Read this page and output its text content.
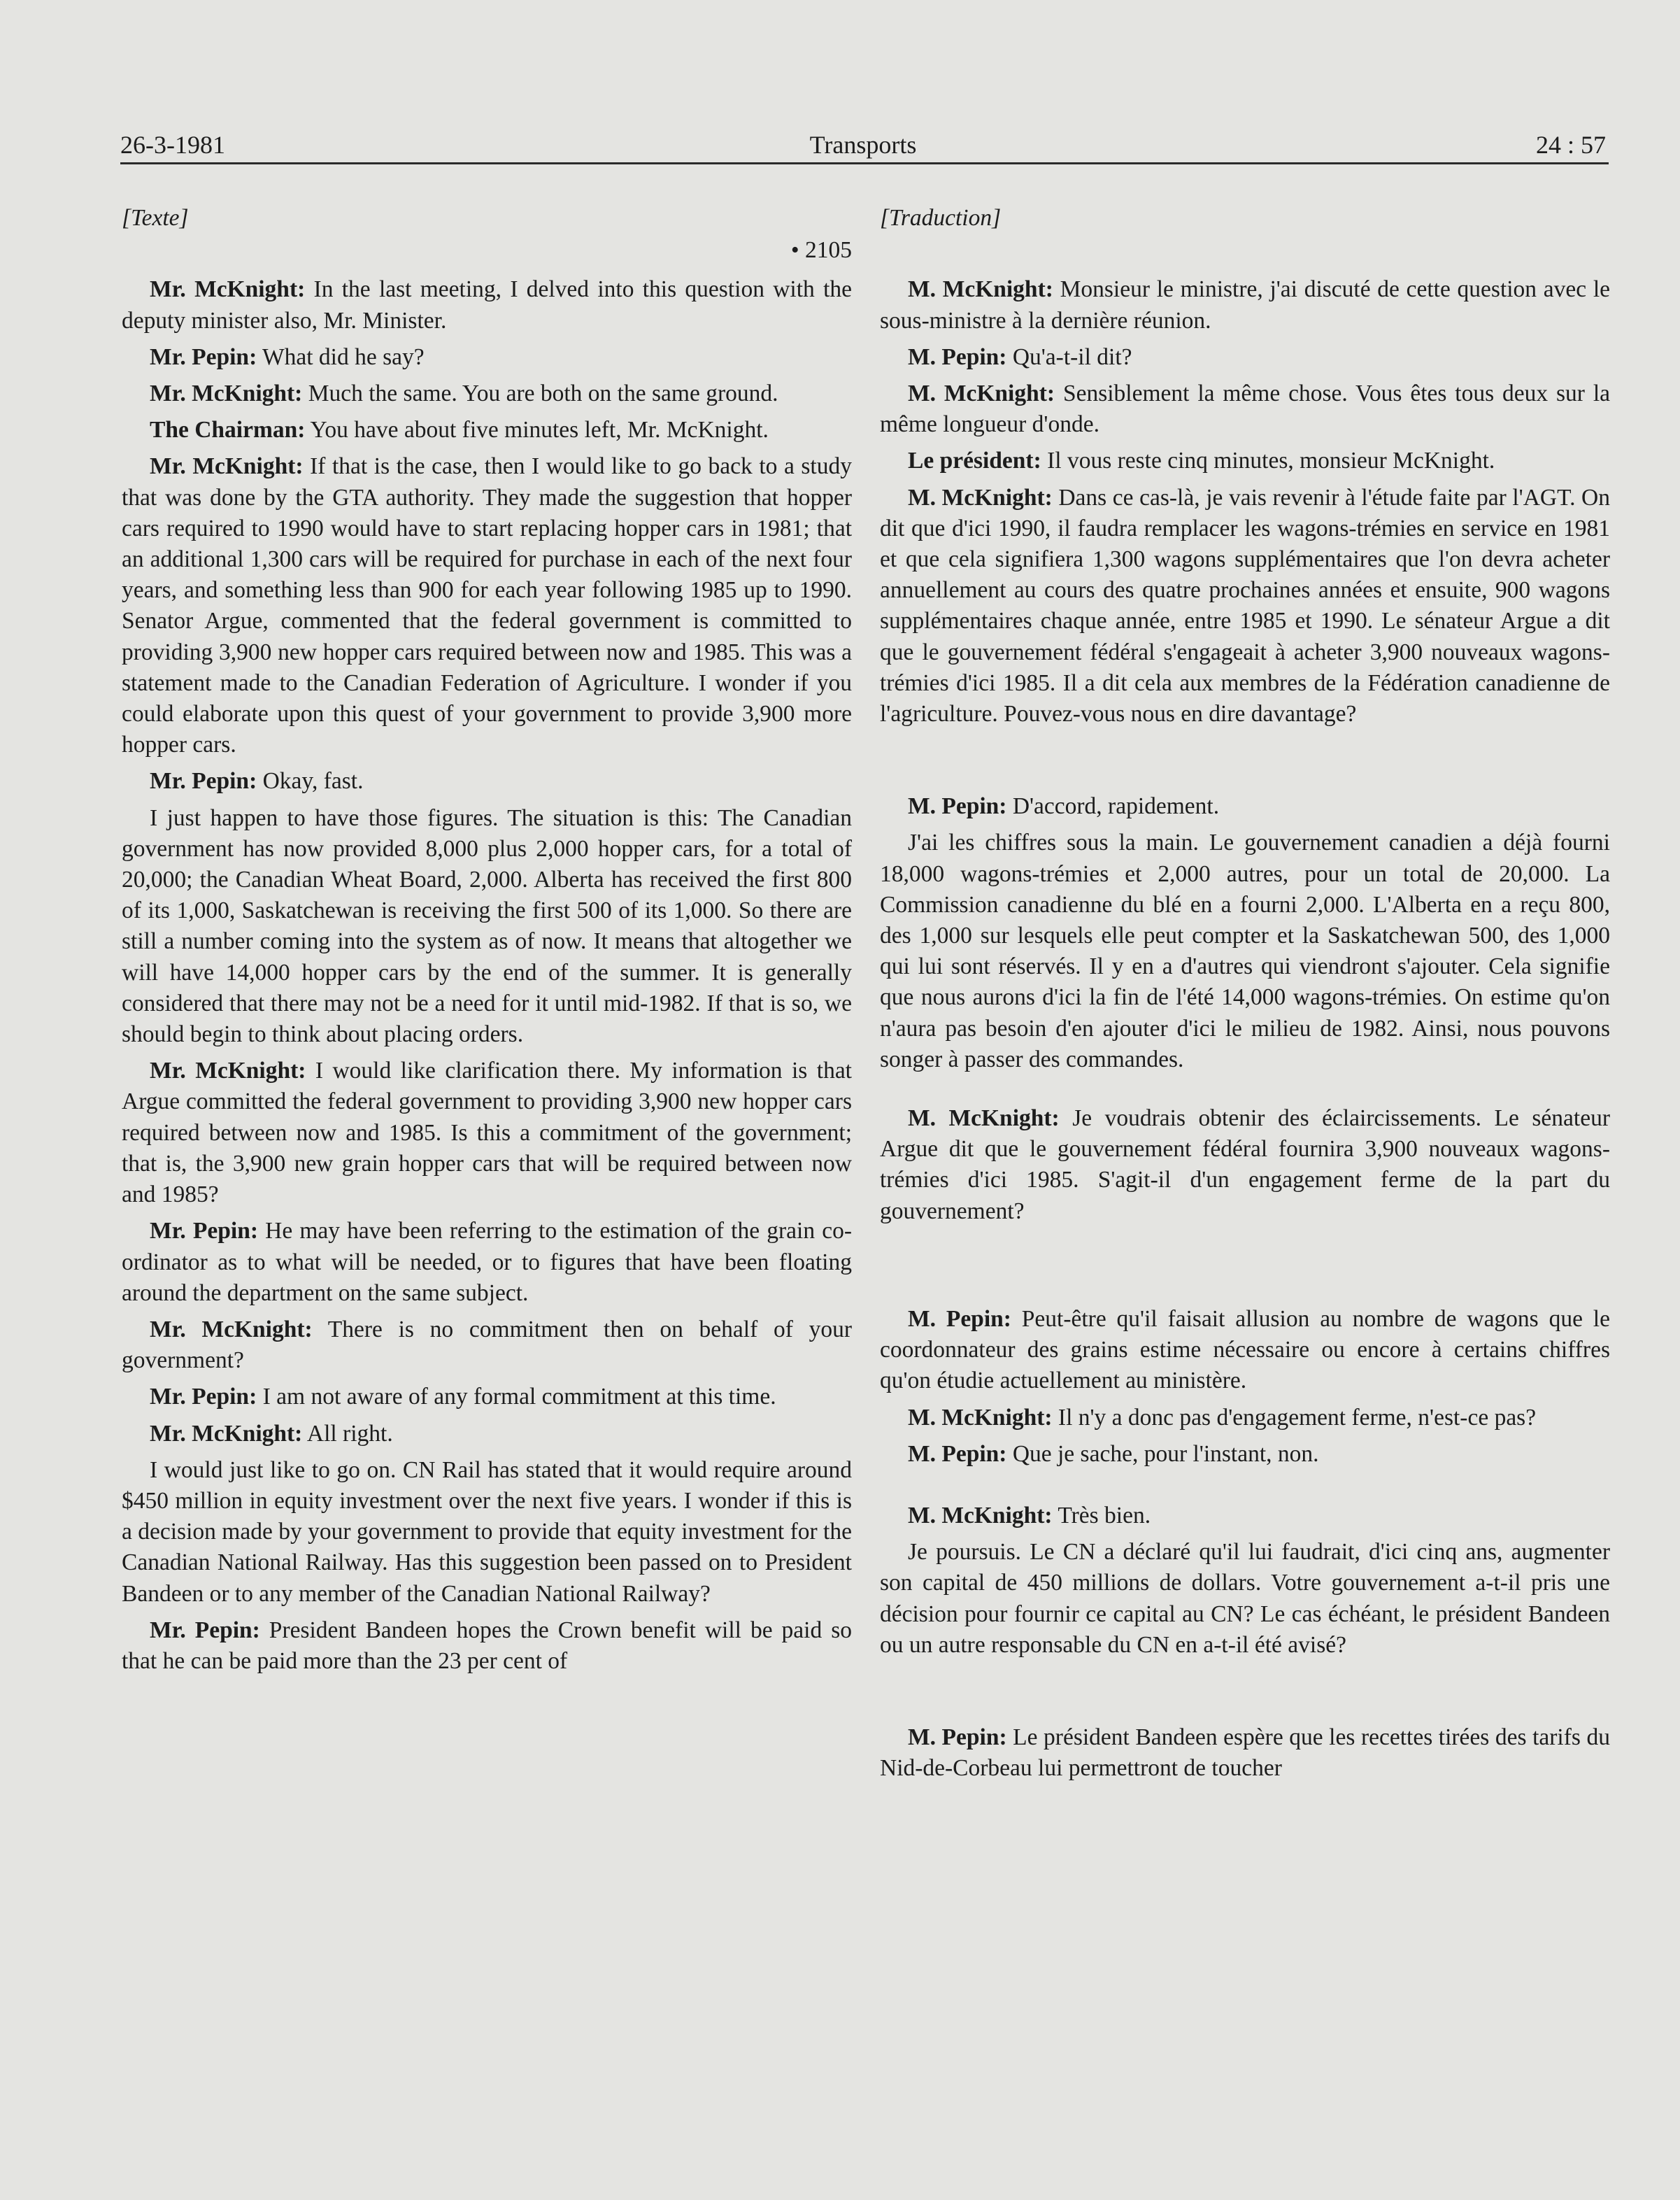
26-3-1981	Transports	24 : 57

[Texte]

• 2105

Mr. McKnight: In the last meeting, I delved into this question with the deputy minister also, Mr. Minister.

Mr. Pepin: What did he say?

Mr. McKnight: Much the same. You are both on the same ground.

The Chairman: You have about five minutes left, Mr. McKnight.

Mr. McKnight: If that is the case, then I would like to go back to a study that was done by the GTA authority. They made the suggestion that hopper cars required to 1990 would have to start replacing hopper cars in 1981; that an additional 1,300 cars will be required for purchase in each of the next four years, and something less than 900 for each year following 1985 up to 1990. Senator Argue, commented that the federal government is committed to providing 3,900 new hopper cars required between now and 1985. This was a statement made to the Canadian Federation of Agriculture. I wonder if you could elaborate upon this quest of your government to provide 3,900 more hopper cars.

Mr. Pepin: Okay, fast.

I just happen to have those figures. The situation is this: The Canadian government has now provided 8,000 plus 2,000 hopper cars, for a total of 20,000; the Canadian Wheat Board, 2,000. Alberta has received the first 800 of its 1,000, Saskatchewan is receiving the first 500 of its 1,000. So there are still a number coming into the system as of now. It means that altogether we will have 14,000 hopper cars by the end of the summer. It is generally considered that there may not be a need for it until mid-1982. If that is so, we should begin to think about placing orders.

Mr. McKnight: I would like clarification there. My information is that Argue committed the federal government to providing 3,900 new hopper cars required between now and 1985. Is this a commitment of the government; that is, the 3,900 new grain hopper cars that will be required between now and 1985?

Mr. Pepin: He may have been referring to the estimation of the grain co-ordinator as to what will be needed, or to figures that have been floating around the department on the same subject.

Mr. McKnight: There is no commitment then on behalf of your government?

Mr. Pepin: I am not aware of any formal commitment at this time.

Mr. McKnight: All right.

I would just like to go on. CN Rail has stated that it would require around $450 million in equity investment over the next five years. I wonder if this is a decision made by your government to provide that equity investment for the Canadian National Railway. Has this suggestion been passed on to President Bandeen or to any member of the Canadian National Railway?

Mr. Pepin: President Bandeen hopes the Crown benefit will be paid so that he can be paid more than the 23 per cent of

[Traduction]

M. McKnight: Monsieur le ministre, j'ai discuté de cette question avec le sous-ministre à la dernière réunion.

M. Pepin: Qu'a-t-il dit?

M. McKnight: Sensiblement la même chose. Vous êtes tous deux sur la même longueur d'onde.

Le président: Il vous reste cinq minutes, monsieur McKnight.

M. McKnight: Dans ce cas-là, je vais revenir à l'étude faite par l'AGT. On dit que d'ici 1990, il faudra remplacer les wagons-trémies en service en 1981 et que cela signifiera 1,300 wagons supplémentaires que l'on devra acheter annuellement au cours des quatre prochaines années et ensuite, 900 wagons supplémentaires chaque année, entre 1985 et 1990. Le sénateur Argue a dit que le gouvernement fédéral s'engageait à acheter 3,900 nouveaux wagons-trémies d'ici 1985. Il a dit cela aux membres de la Fédération canadienne de l'agriculture. Pouvez-vous nous en dire davantage?

M. Pepin: D'accord, rapidement.

J'ai les chiffres sous la main. Le gouvernement canadien a déjà fourni 18,000 wagons-trémies et 2,000 autres, pour un total de 20,000. La Commission canadienne du blé en a fourni 2,000. L'Alberta en a reçu 800, des 1,000 sur lesquels elle peut compter et la Saskatchewan 500, des 1,000 qui lui sont réservés. Il y en a d'autres qui viendront s'ajouter. Cela signifie que nous aurons d'ici la fin de l'été 14,000 wagons-trémies. On estime qu'on n'aura pas besoin d'en ajouter d'ici le milieu de 1982. Ainsi, nous pouvons songer à passer des commandes.

M. McKnight: Je voudrais obtenir des éclaircissements. Le sénateur Argue dit que le gouvernement fédéral fournira 3,900 nouveaux wagons-trémies d'ici 1985. S'agit-il d'un engagement ferme de la part du gouvernement?

M. Pepin: Peut-être qu'il faisait allusion au nombre de wagons que le coordonnateur des grains estime nécessaire ou encore à certains chiffres qu'on étudie actuellement au ministère.

M. McKnight: Il n'y a donc pas d'engagement ferme, n'est-ce pas?

M. Pepin: Que je sache, pour l'instant, non.

M. McKnight: Très bien.

Je poursuis. Le CN a déclaré qu'il lui faudrait, d'ici cinq ans, augmenter son capital de 450 millions de dollars. Votre gouvernement a-t-il pris une décision pour fournir ce capital au CN? Le cas échéant, le président Bandeen ou un autre responsable du CN en a-t-il été avisé?

M. Pepin: Le président Bandeen espère que les recettes tirées des tarifs du Nid-de-Corbeau lui permettront de toucher
